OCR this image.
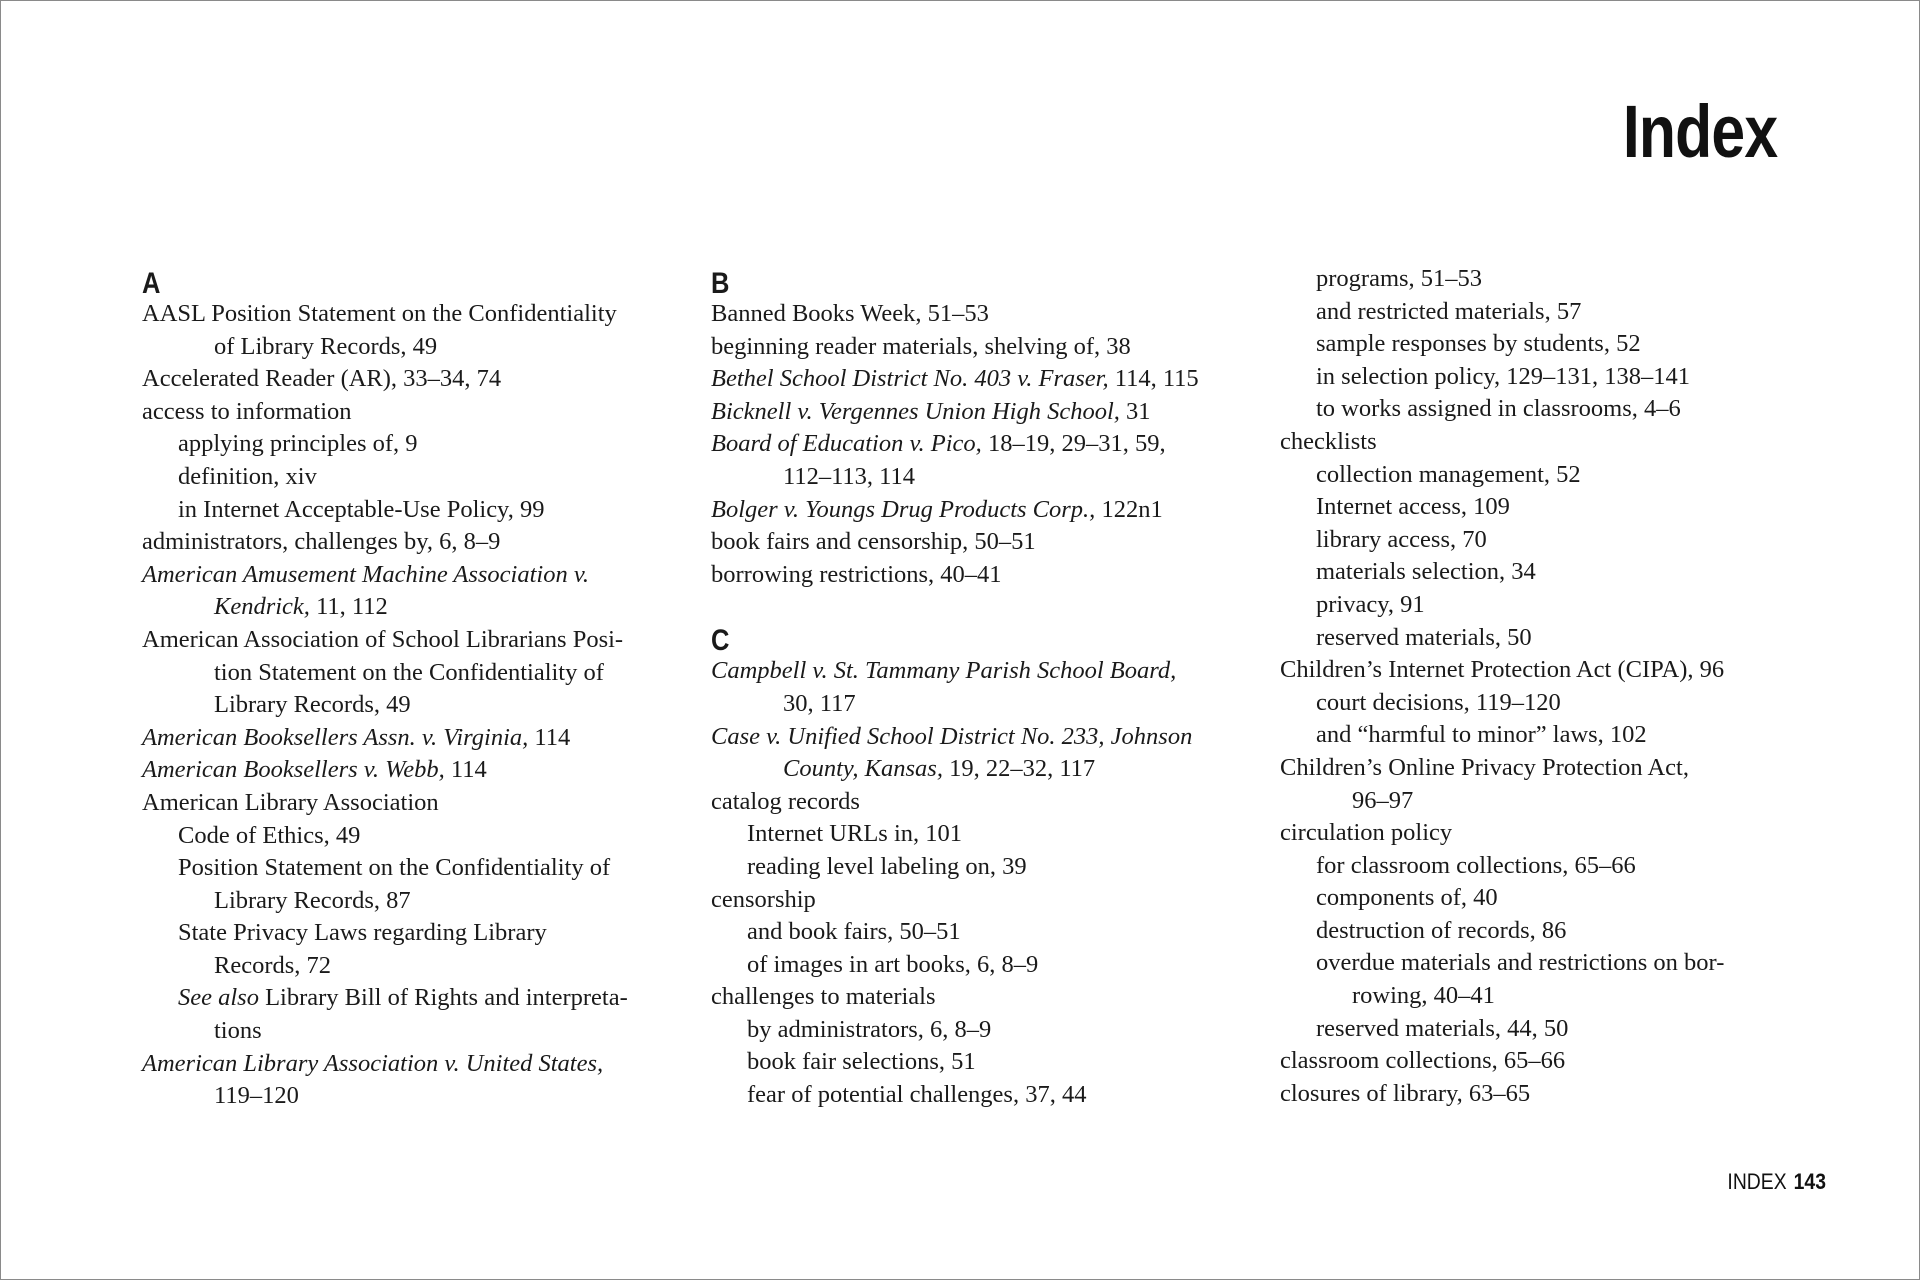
Index
A

AASL Position Statement on the Confidentiality
of Library Records, 49

Accelerated Reader (AR), 33–34, 74

access to information

applying principles of, 9

definition, xiv

in Internet Acceptable-Use Policy, 99

administrators, challenges by, 6, 8–9

American Amusement Machine Association v.
Kendrick, 11, 112

American Association of School Librarians Posi-
tion Statement on the Confidentiality of
Library Records, 49

American Booksellers Assn. v. Virginia, 114

American Booksellers v. Webb, 114

American Library Association

Code of Ethics, 49

Position Statement on the Confidentiality of
Library Records, 87

State Privacy Laws regarding Library
Records, 72

See also Library Bill of Rights and interpreta-
tions

American Library Association v. United States,
119–120

B

Banned Books Week, 51–53

beginning reader materials, shelving of, 38

Bethel School District No. 403 v. Fraser, 114, 115

Bicknell v. Vergennes Union High School, 31

Board of Education v. Pico, 18–19, 29–31, 59,
112–113, 114

Bolger v. Youngs Drug Products Corp., 122n1

book fairs and censorship, 50–51

borrowing restrictions, 40–41

C

Campbell v. St. Tammany Parish School Board,
30, 117

Case v. Unified School District No. 233, Johnson
County, Kansas, 19, 22–32, 117

catalog records

Internet URLs in, 101

reading level labeling on, 39

censorship

and book fairs, 50–51

of images in art books, 6, 8–9

challenges to materials

by administrators, 6, 8–9

book fair selections, 51

fear of potential challenges, 37, 44

programs, 51–53

and restricted materials, 57

sample responses by students, 52

in selection policy, 129–131, 138–141

to works assigned in classrooms, 4–6

checklists

collection management, 52

Internet access, 109

library access, 70

materials selection, 34

privacy, 91

reserved materials, 50

Children’s Internet Protection Act (CIPA), 96

court decisions, 119–120

and “harmful to minor” laws, 102

Children’s Online Privacy Protection Act,
96–97

circulation policy

for classroom collections, 65–66

components of, 40

destruction of records, 86

overdue materials and restrictions on bor-
rowing, 40–41

reserved materials, 44, 50

classroom collections, 65–66

closures of library, 63–65

INDEX 143
